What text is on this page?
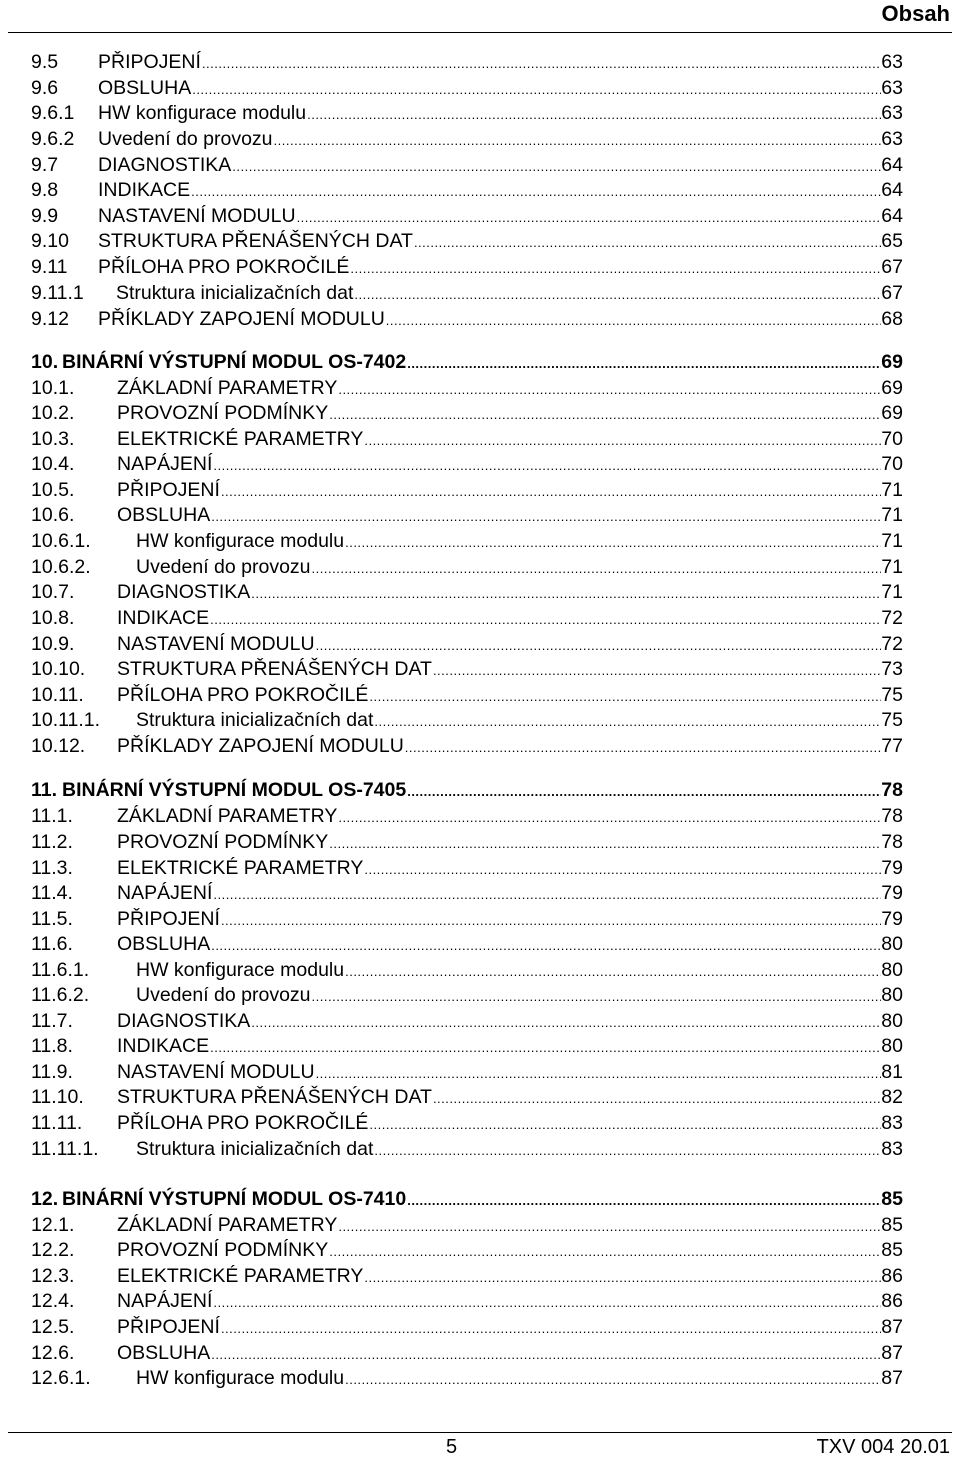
Obsah
9.5	PŘIPOJENÍ .....	63
9.6	OBSLUHA .....	63
9.6.1	HW konfigurace modulu .....	63
9.6.2	Uvedení do provozu .....	63
9.7	DIAGNOSTIKA .....	64
9.8	INDIKACE .....	64
9.9	NASTAVENÍ MODULU .....	64
9.10	STRUKTURA PŘENÁŠENÝCH DAT .....	65
9.11	PŘÍLOHA PRO POKROČILÉ .....	67
9.11.1	Struktura inicializačních dat .....	67
9.12	PŘÍKLADY ZAPOJENÍ MODULU .....	68
10. BINÁRNÍ VÝSTUPNÍ MODUL OS-7402 .....	69
10.1.	ZÁKLADNÍ PARAMETRY .....	69
10.2.	PROVOZNÍ PODMÍNKY .....	69
10.3.	ELEKTRICKÉ PARAMETRY .....	70
10.4.	NAPÁJENÍ .....	70
10.5.	PŘIPOJENÍ .....	71
10.6.	OBSLUHA .....	71
10.6.1.	HW konfigurace modulu .....	71
10.6.2.	Uvedení do provozu .....	71
10.7.	DIAGNOSTIKA .....	71
10.8.	INDIKACE .....	72
10.9.	NASTAVENÍ MODULU .....	72
10.10.	STRUKTURA PŘENÁŠENÝCH DAT .....	73
10.11.	PŘÍLOHA PRO POKROČILÉ .....	75
10.11.1.	Struktura inicializačních dat .....	75
10.12.	PŘÍKLADY ZAPOJENÍ MODULU .....	77
11. BINÁRNÍ VÝSTUPNÍ MODUL OS-7405 .....	78
11.1.	ZÁKLADNÍ PARAMETRY .....	78
11.2.	PROVOZNÍ PODMÍNKY .....	78
11.3.	ELEKTRICKÉ PARAMETRY .....	79
11.4.	NAPÁJENÍ .....	79
11.5.	PŘIPOJENÍ .....	79
11.6.	OBSLUHA .....	80
11.6.1.	HW konfigurace modulu .....	80
11.6.2.	Uvedení do provozu .....	80
11.7.	DIAGNOSTIKA .....	80
11.8.	INDIKACE .....	80
11.9.	NASTAVENÍ MODULU .....	81
11.10.	STRUKTURA PŘENÁŠENÝCH DAT .....	82
11.11.	PŘÍLOHA PRO POKROČILÉ .....	83
11.11.1.	Struktura inicializačních dat .....	83
12. BINÁRNÍ VÝSTUPNÍ MODUL OS-7410 .....	85
12.1.	ZÁKLADNÍ PARAMETRY .....	85
12.2.	PROVOZNÍ PODMÍNKY .....	85
12.3.	ELEKTRICKÉ PARAMETRY .....	86
12.4.	NAPÁJENÍ .....	86
12.5.	PŘIPOJENÍ .....	87
12.6.	OBSLUHA .....	87
12.6.1.	HW konfigurace modulu .....	87
5	TXV 004 20.01
